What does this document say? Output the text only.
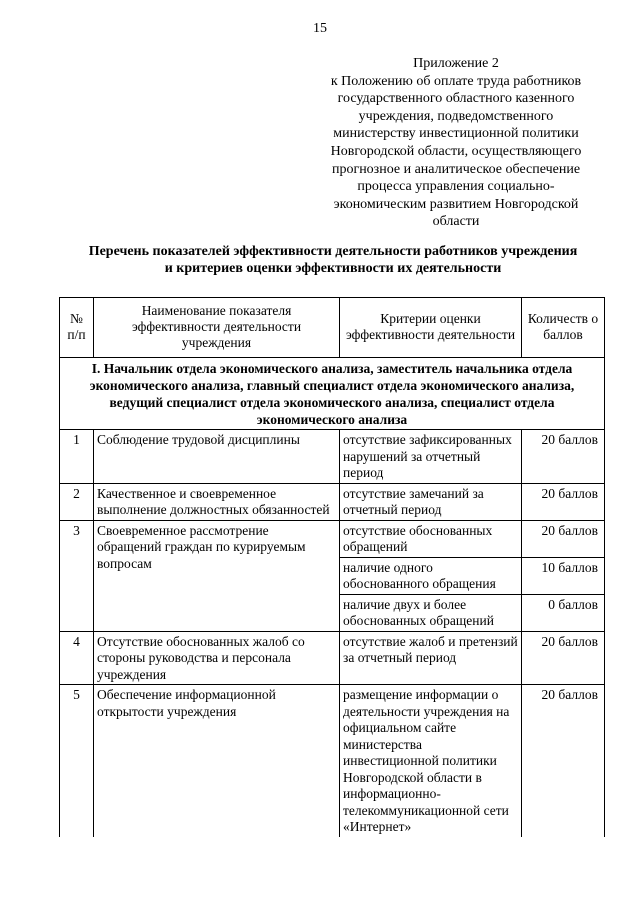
15
Приложение 2
к Положению об оплате труда работников
государственного областного казенного
учреждения, подведомственного
министерству инвестиционной политики
Новгородской области, осуществляющего
прогнозное и аналитическое обеспечение
процесса управления социально-
экономическим развитием Новгородской
области
Перечень показателей эффективности деятельности работников учреждения
и критериев оценки эффективности их деятельности
№ п/п	Наименование показателя эффективности деятельности учреждения	Критерии оценки эффективности деятельности	Количеств о баллов
I. Начальник отдела экономического анализа, заместитель начальника отдела экономического анализа, главный специалист отдела экономического анализа, ведущий специалист отдела экономического анализа, специалист отдела экономического анализа			
1	Соблюдение трудовой дисциплины	отсутствие зафиксированных нарушений за отчетный период	20 баллов
2	Качественное и своевременное выполнение должностных обязанностей	отсутствие замечаний за отчетный период	20 баллов
3	Своевременное рассмотрение обращений граждан по курируемым вопросам	отсутствие обоснованных обращений	20 баллов
		наличие одного обоснованного обращения	10 баллов
		наличие двух и более обоснованных обращений	0 баллов
4	Отсутствие обоснованных жалоб со стороны руководства и персонала учреждения	отсутствие жалоб и претензий за отчетный период	20 баллов
5	Обеспечение информационной открытости учреждения	размещение информации о деятельности учреждения на официальном сайте министерства инвестиционной политики Новгородской области в информационно-телекоммуникационной сети «Интернет»	20 баллов
